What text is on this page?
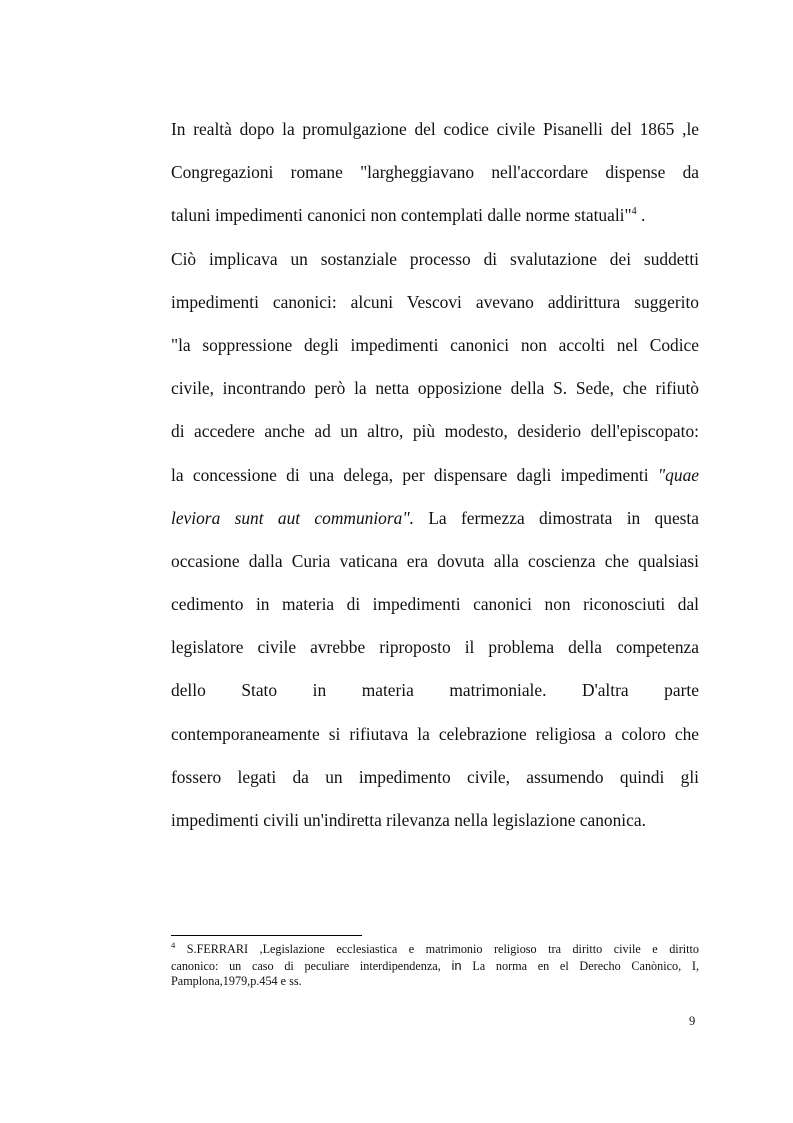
In realtà dopo la promulgazione del codice civile Pisanelli del 1865 ,le
Congregazioni romane "largheggiavano nell'accordare dispense da
taluni impedimenti canonici non contemplati dalle norme statuali"$^4$ .
Ciò implicava un sostanziale processo di svalutazione dei suddetti
impedimenti canonici: alcuni Vescovi avevano addirittura suggerito
"la soppressione degli impedimenti canonici non accolti nel Codice
civile, incontrando però la netta opposizione della S. Sede, che rifiutò
di accedere anche ad un altro, più modesto, desiderio dell'episcopato:
la concessione di una delega, per dispensare dagli impedimenti "quae
leviora sunt aut communiora". La fermezza dimostrata in questa
occasione dalla Curia vaticana era dovuta alla coscienza che qualsiasi
cedimento in materia di impedimenti canonici non riconosciuti dal
legislatore civile avrebbe riproposto il problema della competenza
dello Stato in materia matrimoniale. D'altra parte
contemporaneamente si rifiutava la celebrazione religiosa a coloro che
fossero legati da un impedimento civile, assumendo quindi gli
impedimenti civili un'indiretta rilevanza nella legislazione canonica.
$^4$ S.FERRARI ,Legislazione ecclesiastica e matrimonio religioso tra diritto civile e diritto
canonico: un caso di peculiare interdipendenza, in La norma en el Derecho Canònico, I,
Pamplona,1979,p.454 e ss.
9
